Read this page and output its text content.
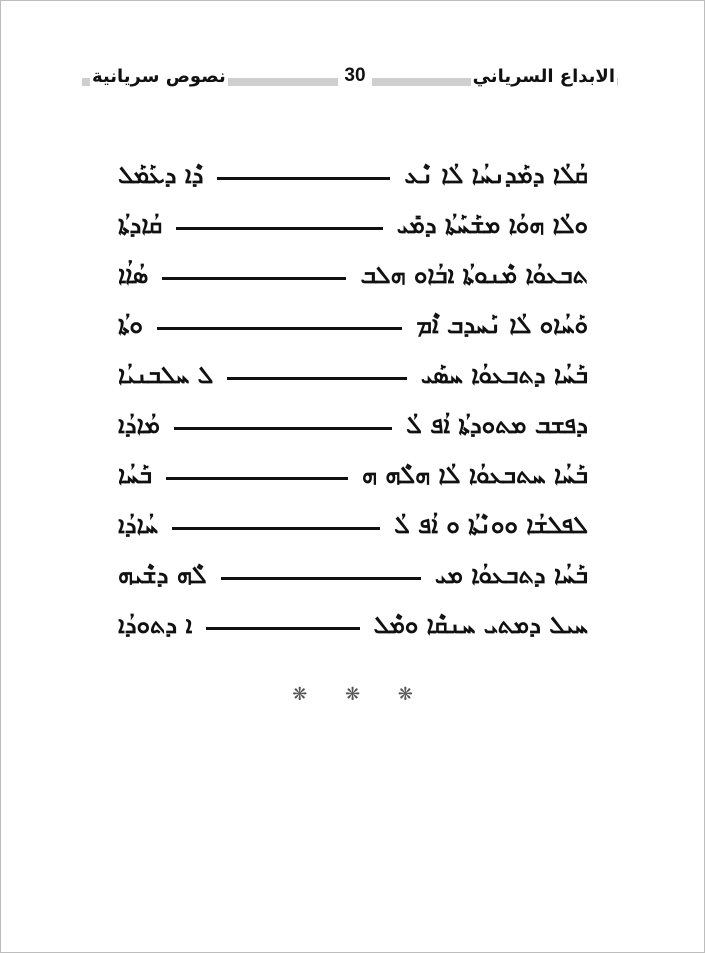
نصوص سريانية	30	الابداع السرياني
ܩܳܠܳܐ ܕܡܰܕܢܚܳܐ ܠܳܐ ܢܶܥ
ܕܶܐ ܕܥܰܡܰܠ
ܘܠܳܐ ܗܘܳܐ ܡܫܰܚܰܬܳܐ ܕܡܺܝ
ܩܳܐܕܬܳܐ
ܬܒܥܘܳܐ ܡܶܢܘܬܳܐ ܐܒܳܐܘ ܗܠܒ
ܣܳܐܳܐ
ܘܰܚܳܐܘ ܠܳܐ ܢܰܚܕܒ ܐܶܡ
ܘܬܳܐ
ܒܰܚܳܐ ܕܬܒܥܘܳܐ ܚܣܰܝ
ܠ ܚܠܒܢܝܳܐ
ܕܦܫܒ ܡܬܘܕܬܳܐ ܐܳܦ ܠܳ
ܡܳܐܕܳܐ
ܒܰܚܳܐ ܚܬܒܥܘܳܐ ܠܳܐ ܗܠܶܗ ܗ
ܒܰܚܳܐ
ܠܦܠܫܳܐ ܘܘܢܶܬܳܐ ܘ ܐܳܦ ܠܳ
ܚܳܐܕܳܐ
ܒܰܚܳܐ ܕܬܒܥܘܳܐ ܡܝ
ܠܶܗ ܕܫܶܝܗ
ܚܝܠ ܕܡܬܝ ܚܢܩܶܐ ܘܡܶܠ
ܐ ܕܬܘܕܳܐ
❋ ❋ ❋
